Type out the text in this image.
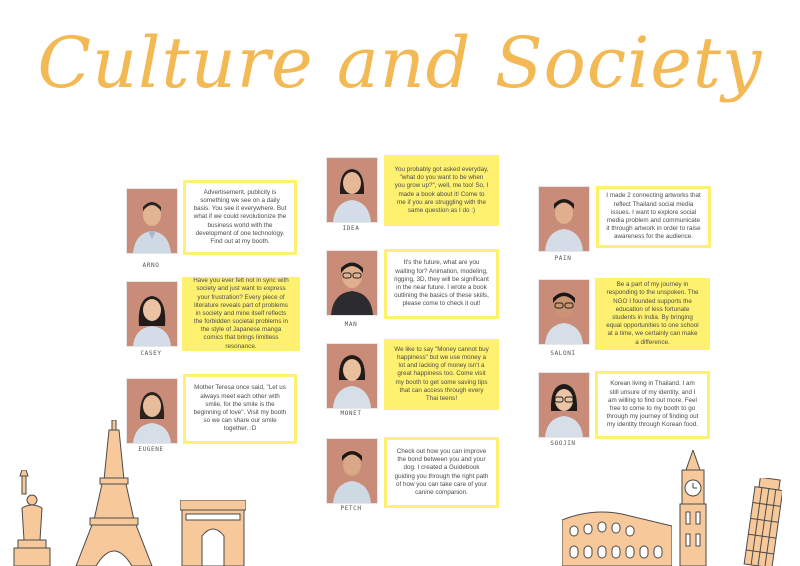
Culture and Society
ARNO
Advertisement, publicity is something we see on a daily basis. You see it everywhere. But what if we could revolutionize the business world with the development of one technology. Find out at my booth.
CASEY
Have you ever felt not in sync with society and just want to express your frustration? Every piece of literature reveals part of problems in society and mine itself reflects the forbidden societal problems in the style of Japanese manga comics that brings limitless resonance.
EUGENE
Mother Teresa once said, "Let us always meet each other with smile, for the smile is the beginning of love". Visit my booth so we can share our smile together. :D
IDEA
You probably got asked everyday, "what do you want to be when you grow up?", well, me too! So, I made a book about it! Come to me if you are struggling with the same question as I do :)
MAN
It's the future, what are you waiting for? Animation, modeling, rigging, 3D, they will be significant in the near future. I wrote a book outlining the basics of these skills, please come to check it out!
MONET
We like to say "Money cannot buy happiness" but we use money a lot and lacking of money isn't a great happiness too. Come visit my booth to get some saving tips that can access through every Thai teens!
PETCH
Check out how you can improve the bond between you and your dog. I created a Guidebook guiding you through the right path of how you can take care of your canine companion.
PAIN
I made 2 connecting artworks that reflect Thailand social media issues. I want to explore social media problem and communicate it through artwork in order to raise awareness for the audience.
SALONI
Be a part of my journey in responding to the unspoken. The NGO I founded supports the education of less fortunate students in India. By bringing equal opportunities to one school at a time, we certainly can make a difference.
SOOJIN
Korean living in Thailand. I am still unsure of my identity, and I am willing to find out more. Feel free to come to my booth to go through my journey of finding out my identity through Korean food.
